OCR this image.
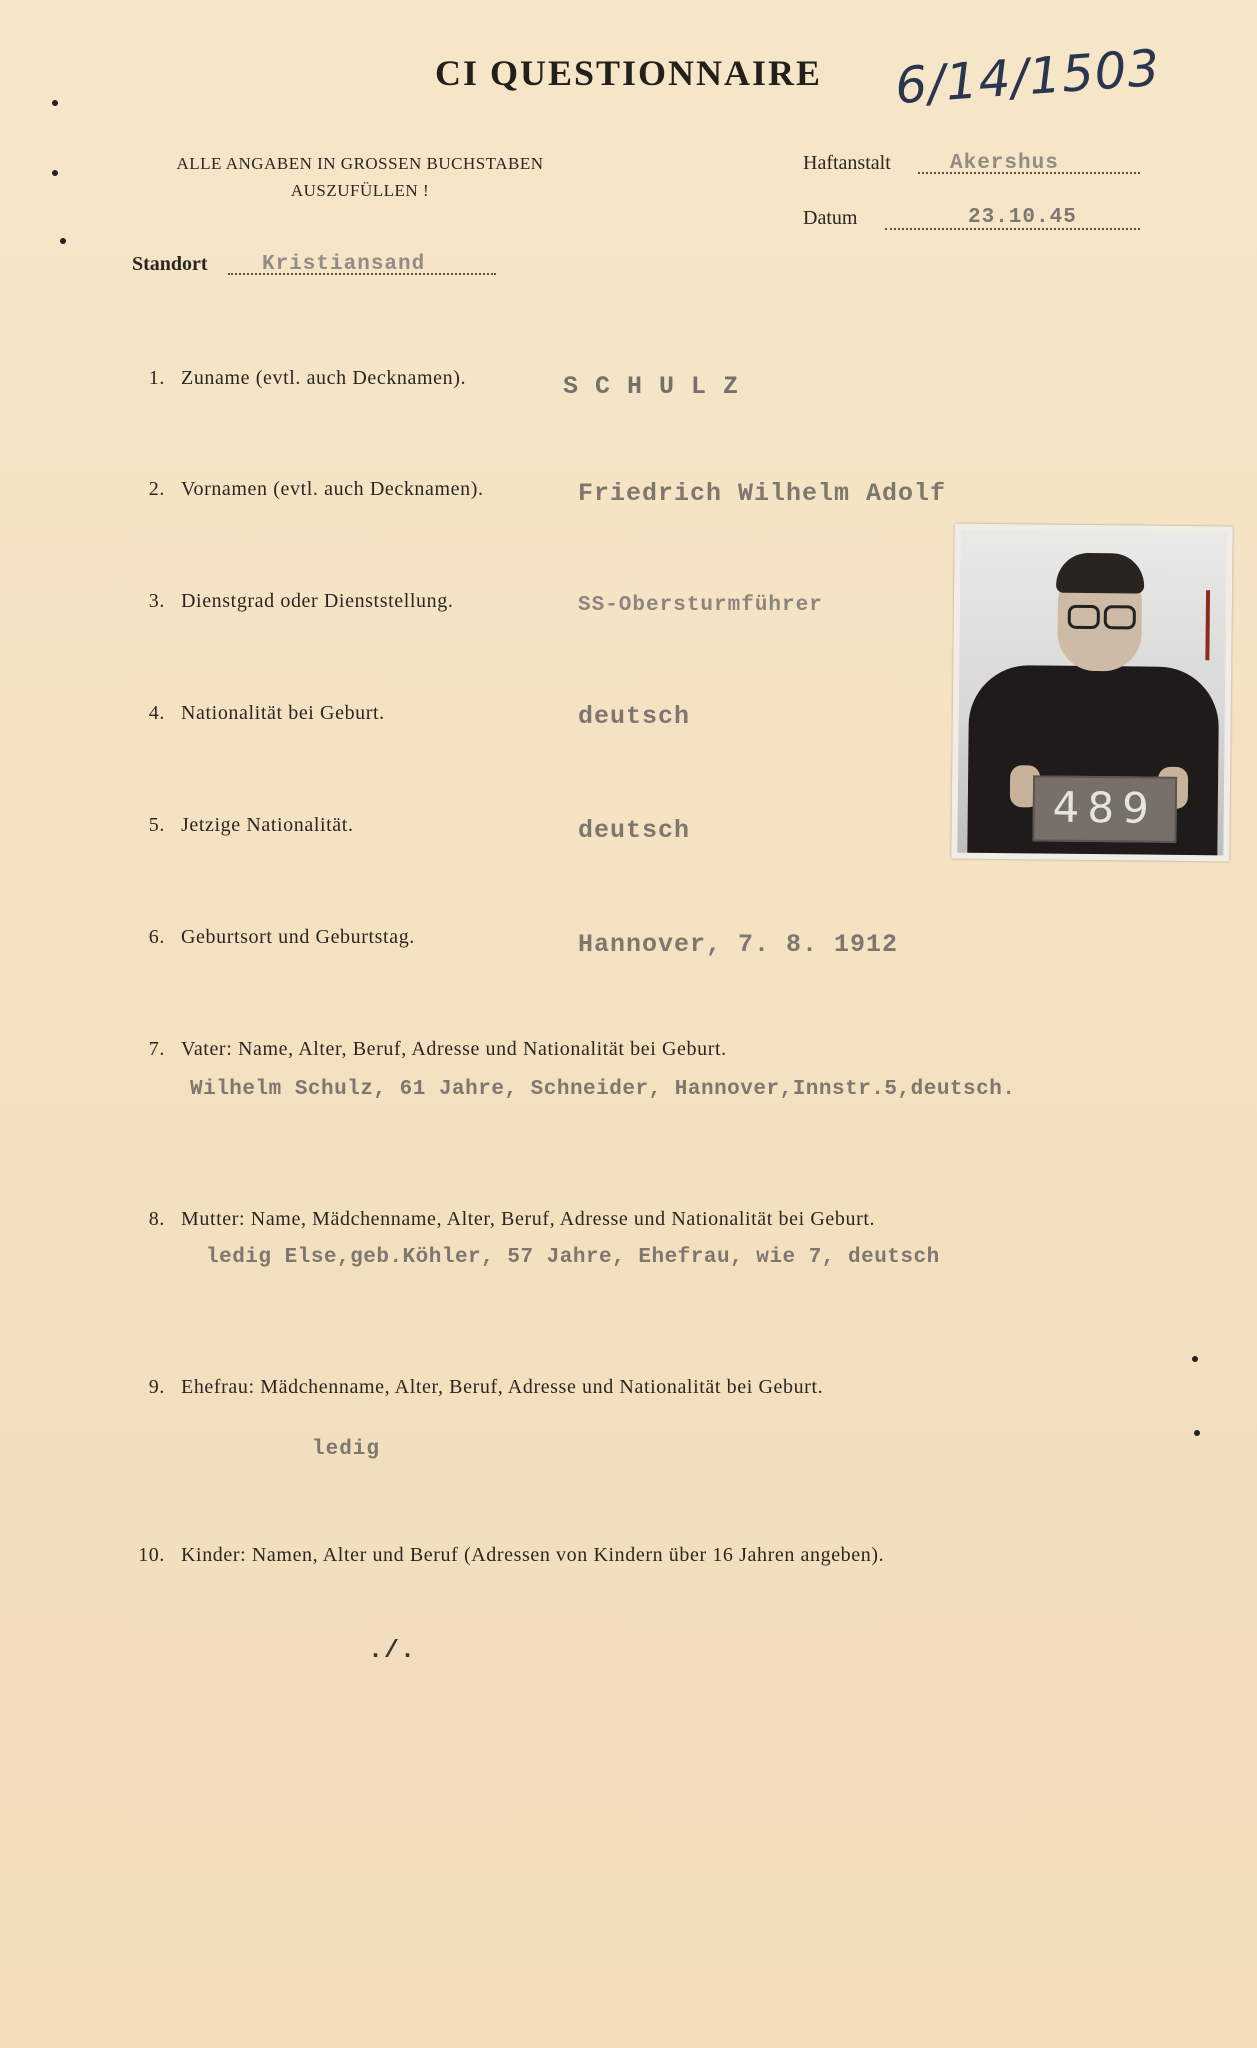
CI QUESTIONNAIRE	6/14/1503
ALLE ANGABEN IN GROSSEN BUCHSTABEN
AUSZUFÜLLEN !
Haftanstalt	Akershus
Datum	23.10.45
Standort	Kristiansand
1. Zuname (evtl. auch Decknamen).	S C H U L Z
2. Vornamen (evtl. auch Decknamen).	Friedrich Wilhelm Adolf
3. Dienstgrad oder Dienststellung.	SS-Obersturmführer
4. Nationalität bei Geburt.	deutsch
5. Jetzige Nationalität.	deutsch
6. Geburtsort und Geburtstag.	Hannover, 7. 8. 1912
7. Vater: Name, Alter, Beruf, Adresse und Nationalität bei Geburt.
Wilhelm Schulz, 61 Jahre, Schneider, Hannover,Innstr.5,deutsch.
8. Mutter: Name, Mädchenname, Alter, Beruf, Adresse und Nationalität bei Geburt.
ledig Else,geb.Köhler, 57 Jahre, Ehefrau, wie 7, deutsch
9. Ehefrau: Mädchenname, Alter, Beruf, Adresse und Nationalität bei Geburt.
ledig
10. Kinder: Namen, Alter und Beruf (Adressen von Kindern über 16 Jahren angeben).
./.
489
